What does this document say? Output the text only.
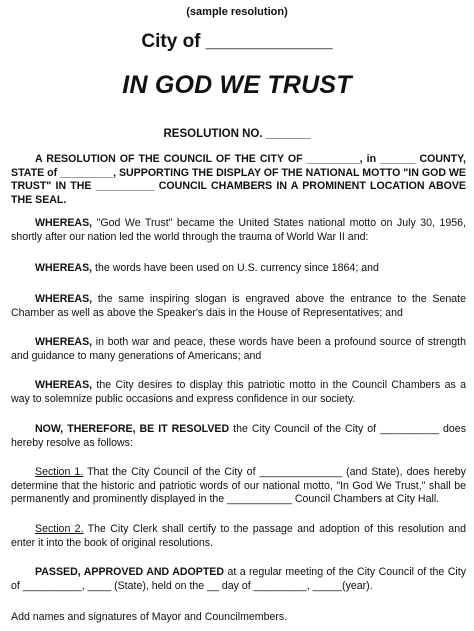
(sample resolution)
City of ____________
IN GOD WE TRUST
RESOLUTION NO. _______
A RESOLUTION OF THE COUNCIL OF THE CITY OF _________, in ______ COUNTY, STATE of _________, SUPPORTING THE DISPLAY OF THE NATIONAL MOTTO "IN GOD WE TRUST" IN THE __________ COUNCIL CHAMBERS IN A PROMINENT LOCATION ABOVE THE SEAL.
WHEREAS, "God We Trust" became the United States national motto on July 30, 1956, shortly after our nation led the world through the trauma of World War II and:
WHEREAS, the words have been used on U.S. currency since 1864; and
WHEREAS, the same inspiring slogan is engraved above the entrance to the Senate Chamber as well as above the Speaker's dais in the House of Representatives; and
WHEREAS, in both war and peace, these words have been a profound source of strength and guidance to many generations of Americans; and
WHEREAS, the City desires to display this patriotic motto in the Council Chambers as a way to solemnize public occasions and express confidence in our society.
NOW, THEREFORE, BE IT RESOLVED the City Council of the City of __________ does hereby resolve as follows:
Section 1. That the City Council of the City of ______________ (and State), does hereby determine that the historic and patriotic words of our national motto, "In God We Trust," shall be permanently and prominently displayed in the ___________ Council Chambers at City Hall.
Section 2. The City Clerk shall certify to the passage and adoption of this resolution and enter it into the book of original resolutions.
PASSED, APPROVED AND ADOPTED at a regular meeting of the City Council of the City of __________, ____ (State), held on the __ day of _________, _____(year).
Add names and signatures of Mayor and Councilmembers.
